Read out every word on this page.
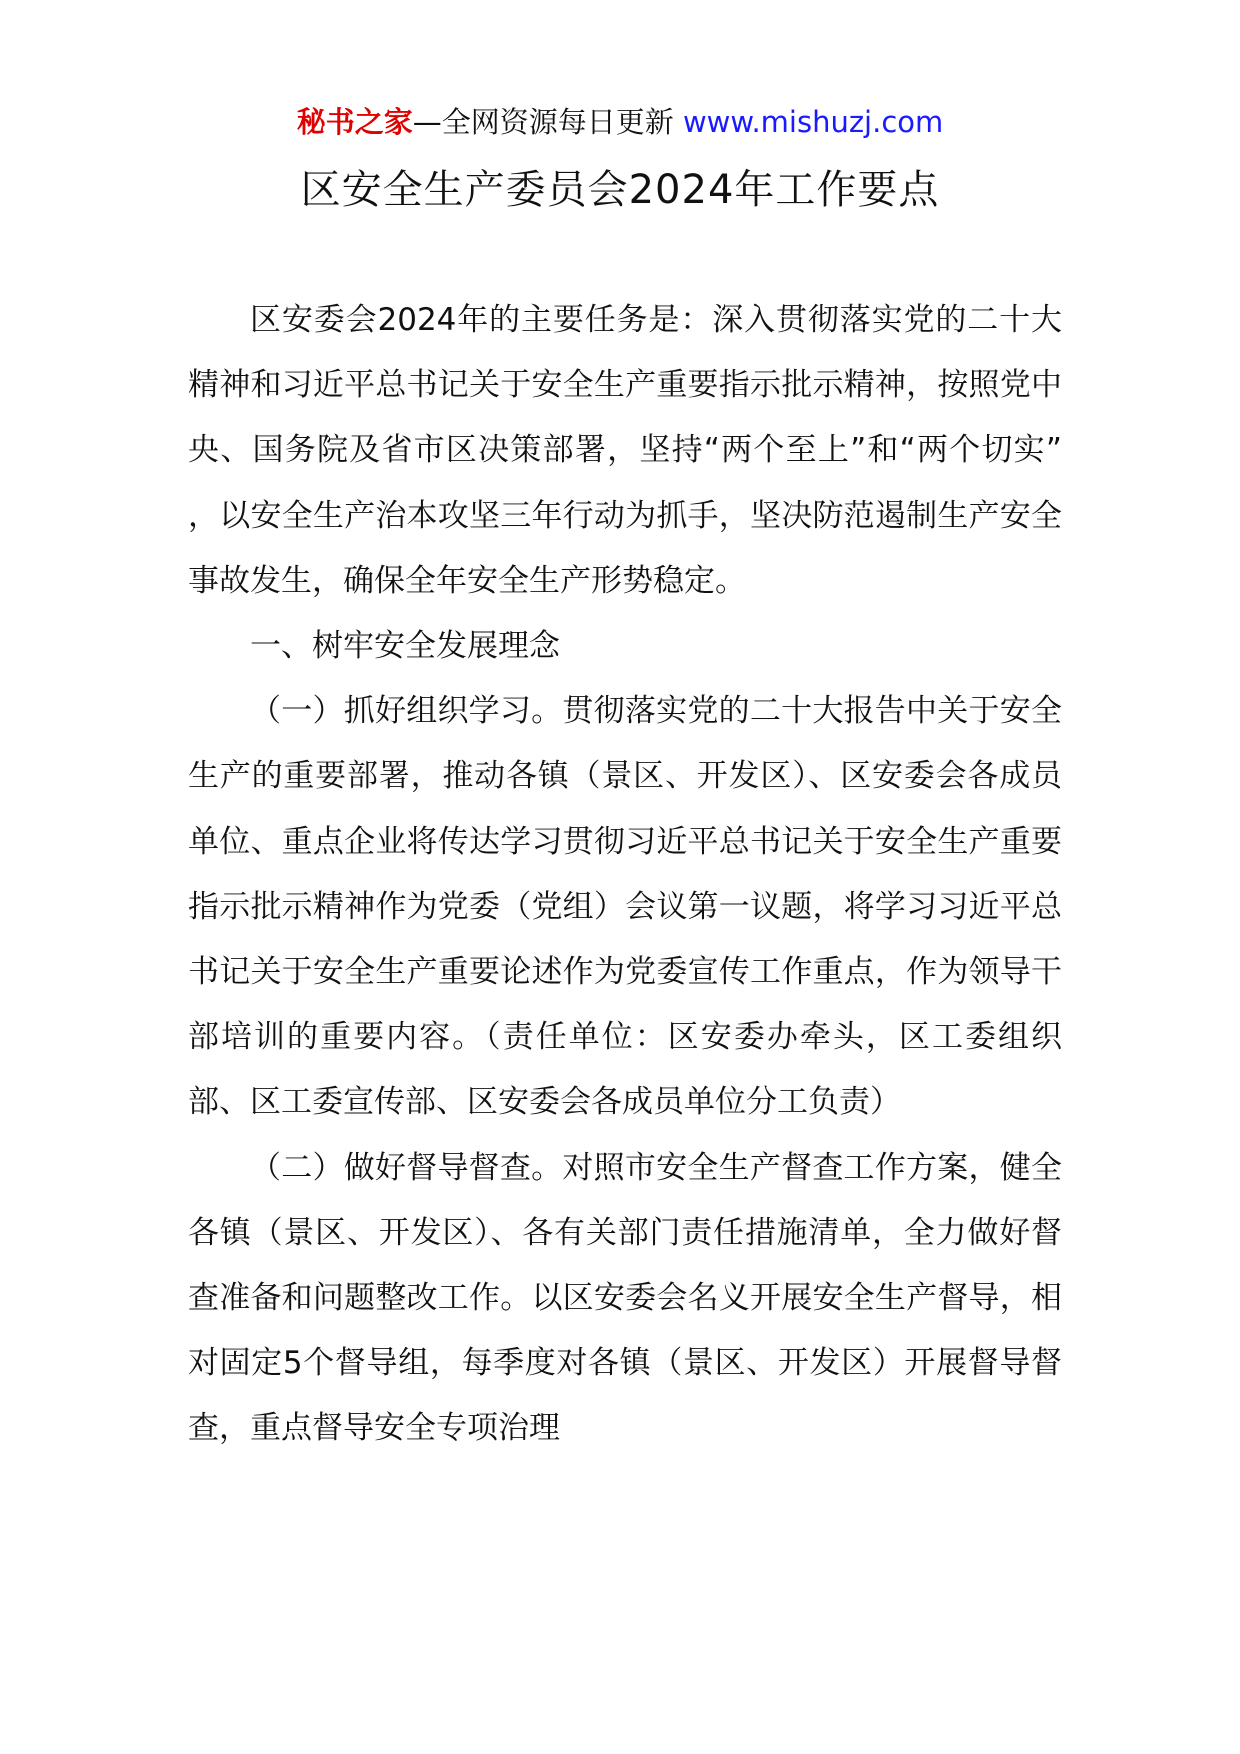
秘书之家—全网资源每日更新 www.mishuzj.com
区安全生产委员会2024年工作要点

区安委会2024年的主要任务是：深入贯彻落实党的二十大精神和习近平总书记关于安全生产重要指示批示精神，按照党中央、国务院及省市区决策部署，坚持“两个至上”和“两个切实” ，以安全生产治本攻坚三年行动为抓手，坚决防范遏制生产安全事故发生，确保全年安全生产形势稳定。

一、树牢安全发展理念

（一）抓好组织学习。贯彻落实党的二十大报告中关于安全生产的重要部署，推动各镇（景区、开发区）、区安委会各成员单位、重点企业将传达学习贯彻习近平总书记关于安全生产重要指示批示精神作为党委（党组）会议第一议题，将学习习近平总书记关于安全生产重要论述作为党委宣传工作重点，作为领导干部培训的重要内容。（责任单位：区安委办牵头，区工委组织部、区工委宣传部、区安委会各成员单位分工负责）

（二）做好督导督查。对照市安全生产督查工作方案，健全各镇（景区、开发区）、各有关部门责任措施清单，全力做好督查准备和问题整改工作。以区安委会名义开展安全生产督导，相对固定5个督导组，每季度对各镇（景区、开发区）开展督导督查，重点督导安全专项治理
